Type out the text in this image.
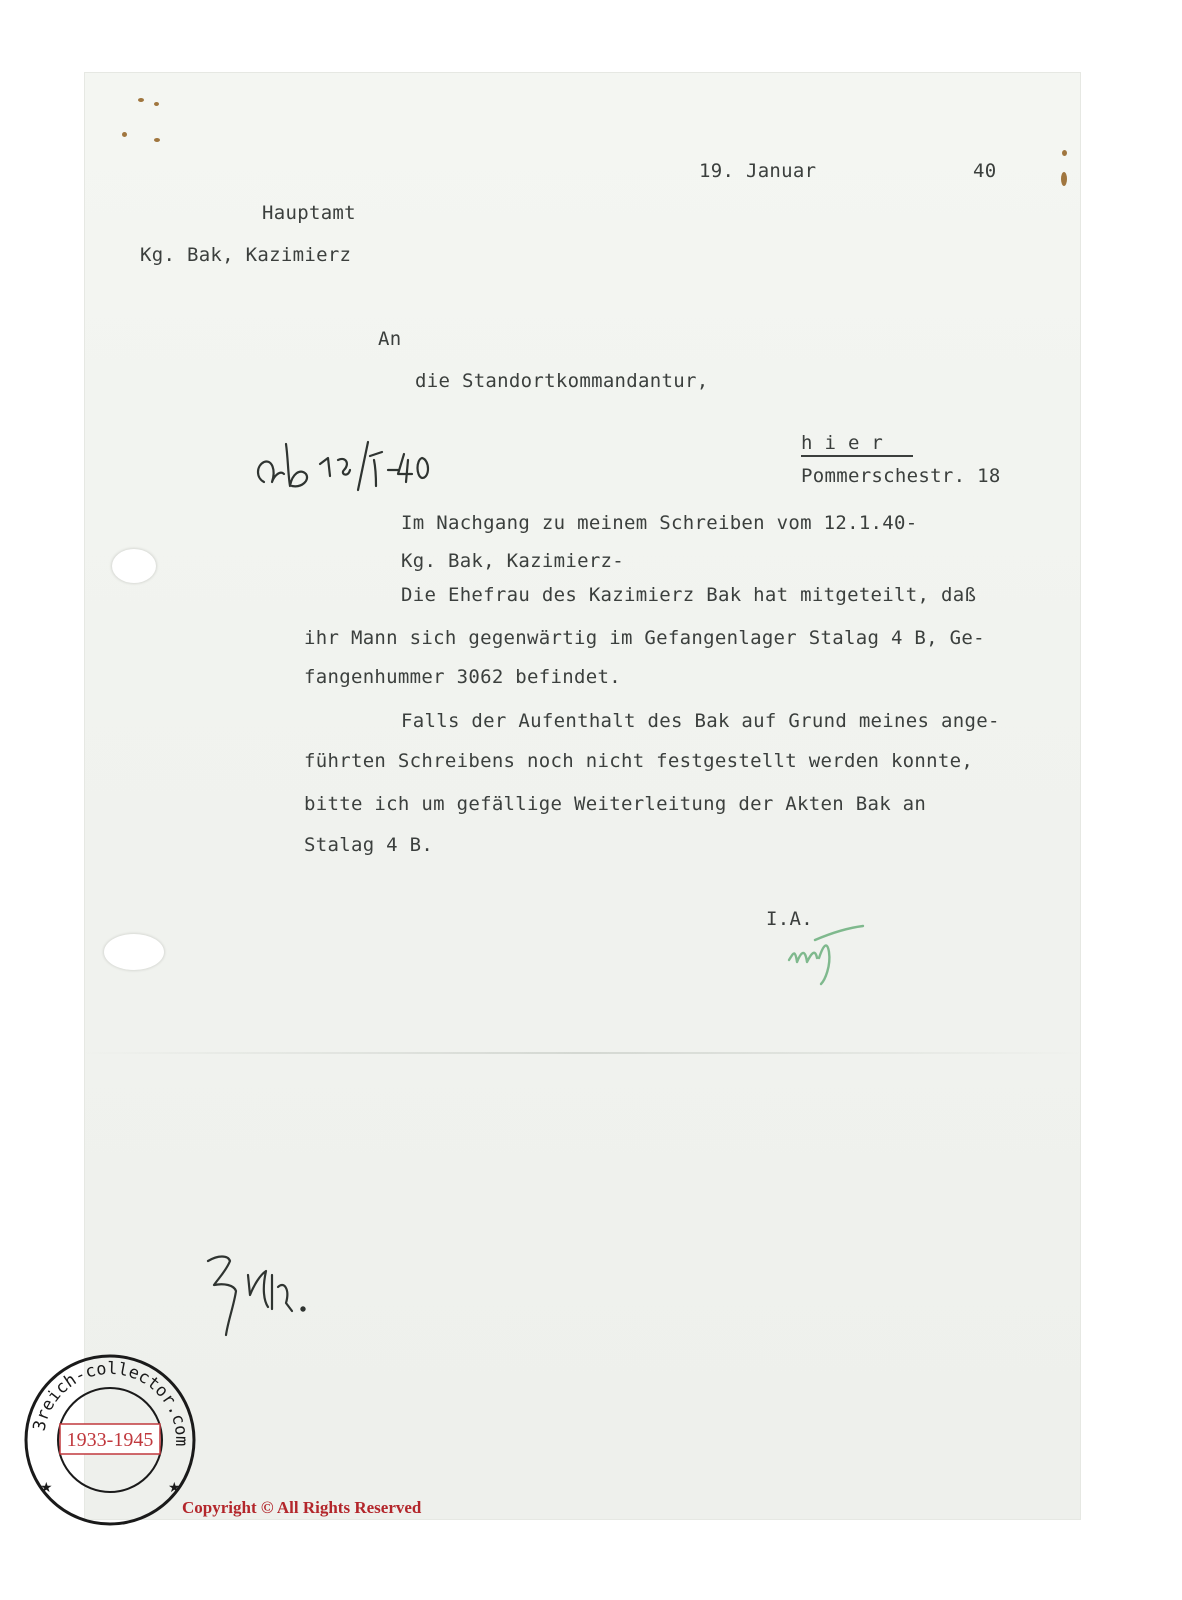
19. Januar	40
Hauptamt
Kg. Bak, Kazimierz
An
die Standortkommandantur,
h i e r
Pommerschestr. 18
Im Nachgang zu meinem Schreiben vom 12.1.40-
Kg. Bak, Kazimierz-
Die Ehefrau des Kazimierz Bak hat mitgeteilt, daß
ihr Mann sich gegenwärtig im Gefangenlager Stalag 4 B, Ge-
fangenhummer 3062 befindet.
Falls der Aufenthalt des Bak auf Grund meines ange-
führten Schreibens noch nicht festgestellt werden konnte,
bitte ich um gefällige Weiterleitung der Akten Bak an
Stalag 4 B.
I.A.
3reich-collector.com
1933-1945
★	★
Copyright © All Rights Reserved
